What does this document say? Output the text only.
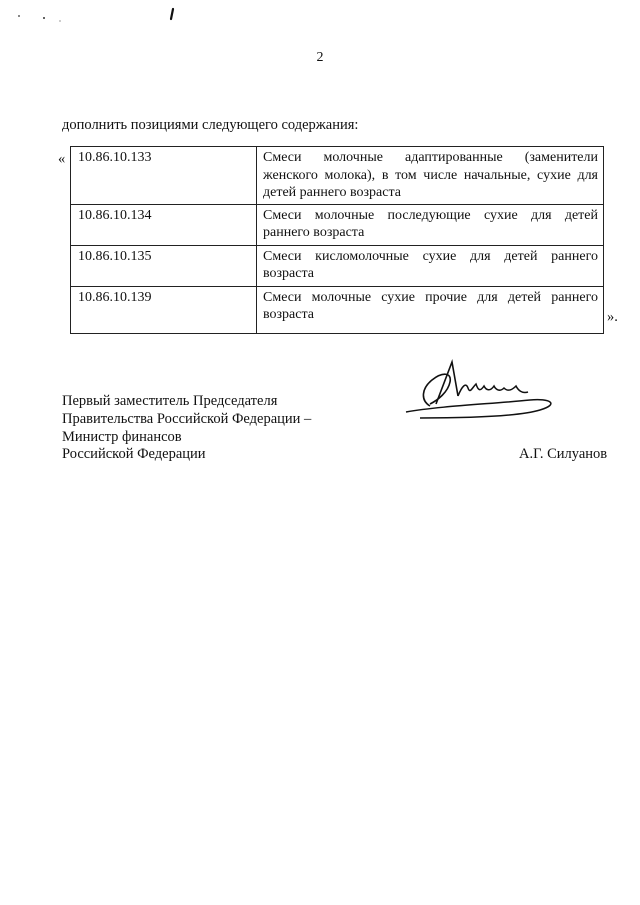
2
дополнить позициями следующего содержания:
« 10.86.10.133	Смеси молочные адаптированные (заменители женского молока), в том числе начальные, сухие для детей раннего возраста
10.86.10.134	Смеси молочные последующие сухие для детей раннего возраста
10.86.10.135	Смеси кисломолочные сухие для детей раннего возраста
10.86.10.139	Смеси молочные сухие прочие для детей раннего возраста	».
Первый заместитель Председателя
Правительства Российской Федерации –
Министр финансов
Российской Федерации	А.Г. Силуанов
